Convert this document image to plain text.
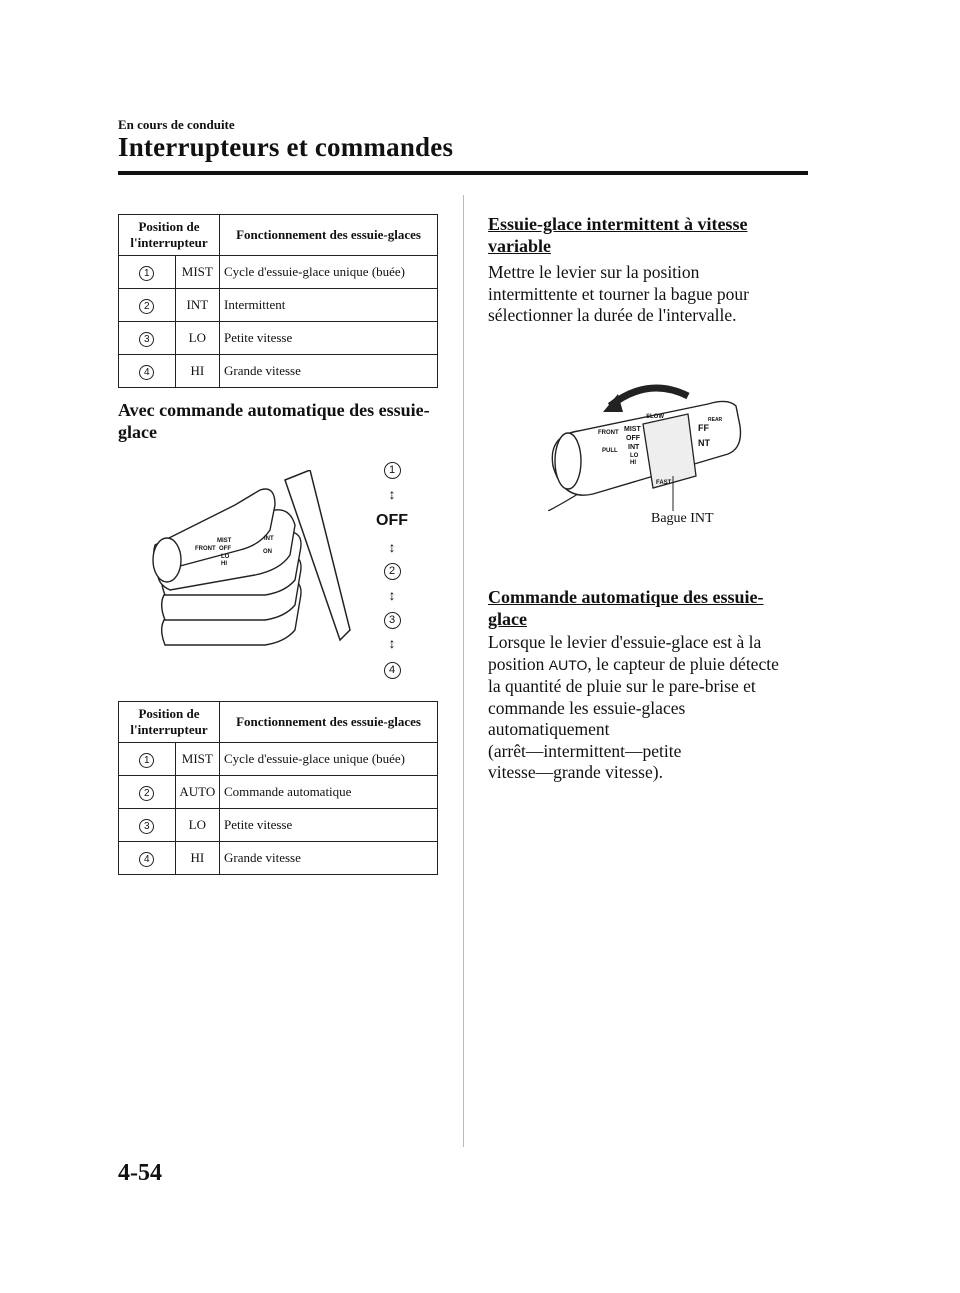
En cours de conduite
Interrupteurs et commandes
Position de l'interrupteur		Fonctionnement des essuie-glaces
1	MIST	Cycle d'essuie-glace unique (buée)
2	INT	Intermittent
3	LO	Petite vitesse
4	HI	Grande vitesse
Avec commande automatique des essuie-glace
FRONT
MIST
OFF
INT
LO
HI
ON
1
↕
OFF
↕
2
↕
3
↕
4
Position de l'interrupteur		Fonctionnement des essuie-glaces
1	MIST	Cycle d'essuie-glace unique (buée)
2	AUTO	Commande automatique
3	LO	Petite vitesse
4	HI	Grande vitesse
Essuie-glace intermittent à vitesse variable
Mettre le levier sur la position intermittente et tourner la bague pour sélectionner la durée de l'intervalle.
FRONT
PULL
MIST
OFF
INT
LO
HI
SLOW
FAST
REAR
FF
NT
Bague INT
Commande automatique des essuie-glace
Lorsque le levier d'essuie-glace est à la position AUTO, le capteur de pluie détecte la quantité de pluie sur le pare-brise et commande les essuie-glaces automatiquement (arrêt―intermittent―petite vitesse―grande vitesse).
4-54
